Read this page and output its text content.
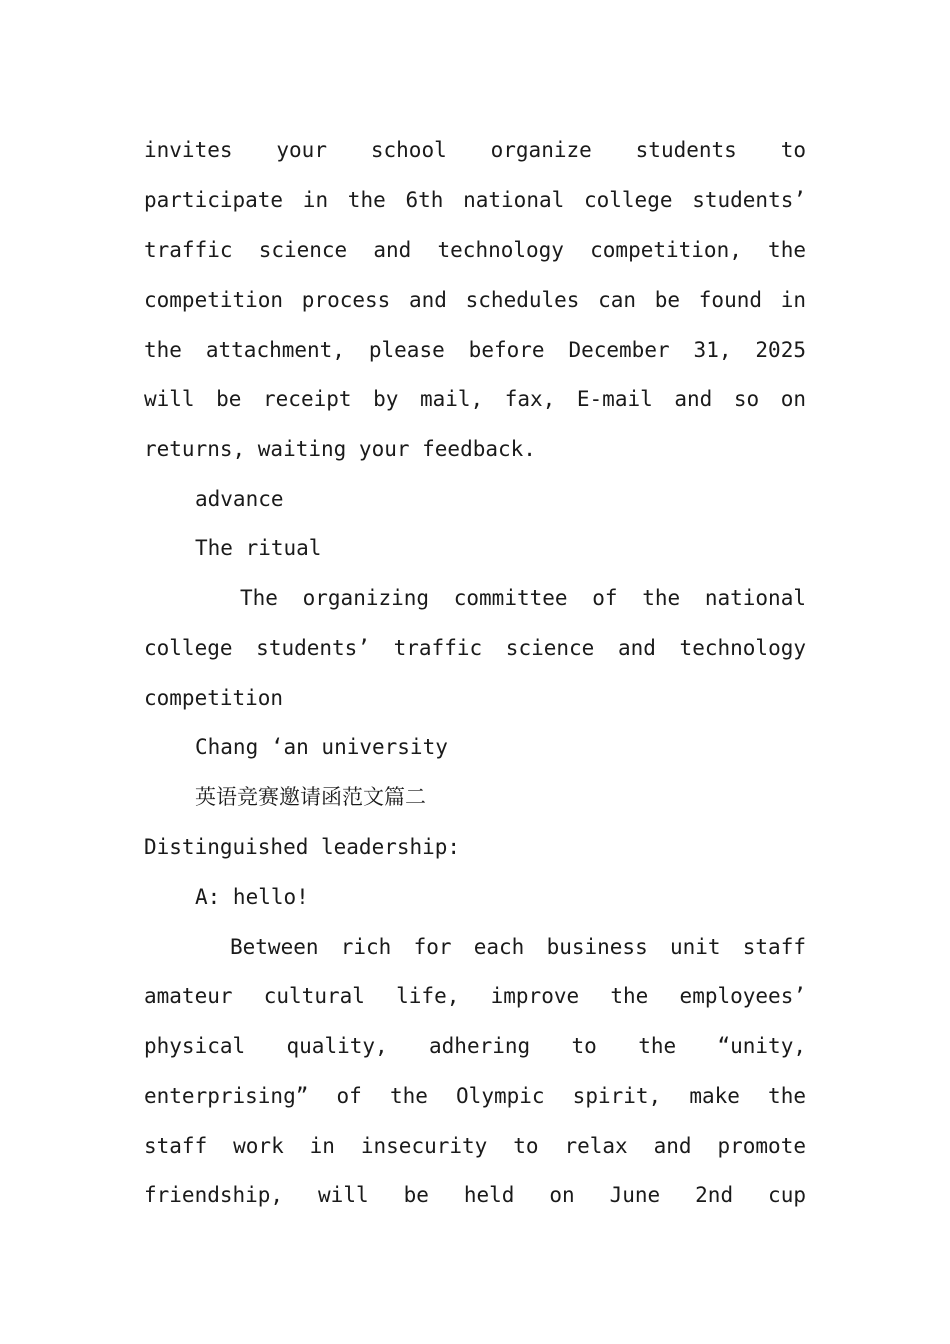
invites your school organize students to

participate in the 6th national college students’

traffic science and technology competition, the

competition process and schedules can be found in

the attachment, please before December 31, 2025

will be receipt by mail, fax, E-mail and so on

returns, waiting your feedback.

advance

The ritual

The organizing committee of the national

college students’ traffic science and technology

competition

Chang ‘an university

英语竞赛邀请函范文篇二

Distinguished leadership:

A: hello!

Between rich for each business unit staff

amateur cultural life, improve the employees’

physical quality, adhering to the “unity,

enterprising” of the Olympic spirit, make the

staff work in insecurity to relax and promote

friendship, will be held on June 2nd cup
